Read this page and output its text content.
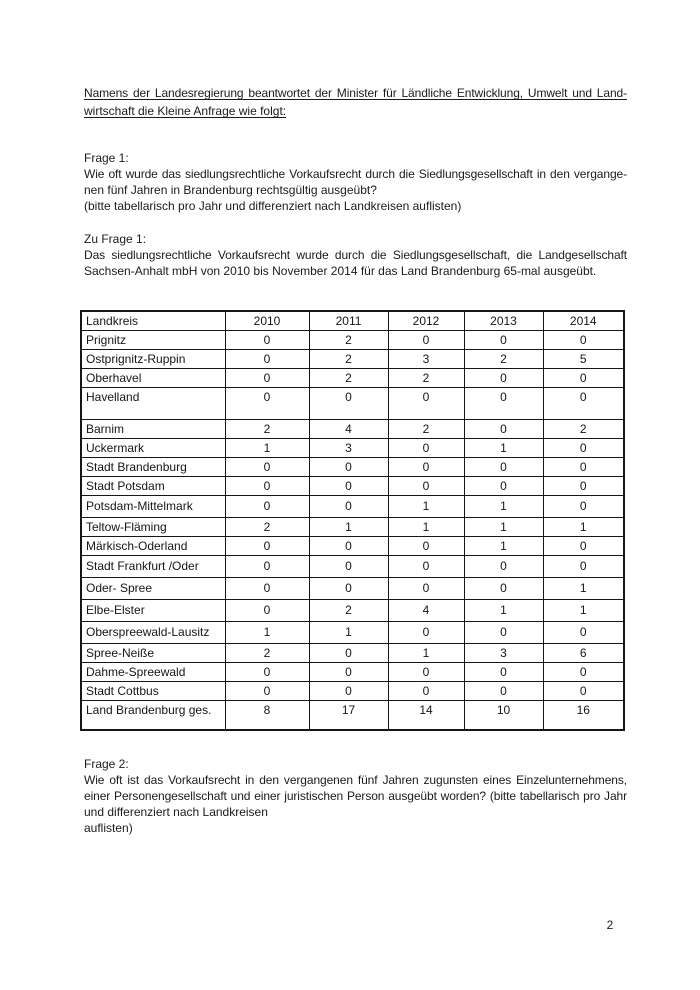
Namens der Landesregierung beantwortet der Minister für Ländliche Entwicklung, Umwelt und Land-
wirtschaft die Kleine Anfrage wie folgt:
Frage 1:
Wie oft wurde das siedlungsrechtliche Vorkaufsrecht durch die Siedlungsgesellschaft in den vergange-
nen fünf Jahren in Brandenburg rechtsgültig ausgeübt?
(bitte tabellarisch pro Jahr und differenziert nach Landkreisen auflisten)
Zu Frage 1:
Das siedlungsrechtliche Vorkaufsrecht wurde durch die Siedlungsgesellschaft, die Landgesellschaft
Sachsen-Anhalt mbH von 2010 bis November 2014 für das Land Brandenburg 65-mal ausgeübt.
Landkreis	2010	2011	2012	2013	2014
Prignitz	0	2	0	0	0
Ostprignitz-Ruppin	0	2	3	2	5
Oberhavel	0	2	2	0	0
Havelland	0	0	0	0	0
Barnim	2	4	2	0	2
Uckermark	1	3	0	1	0
Stadt Brandenburg	0	0	0	0	0
Stadt Potsdam	0	0	0	0	0
Potsdam-Mittelmark	0	0	1	1	0
Teltow-Fläming	2	1	1	1	1
Märkisch-Oderland	0	0	0	1	0
Stadt Frankfurt /Oder	0	0	0	0	0
Oder- Spree	0	0	0	0	1
Elbe-Elster	0	2	4	1	1
Oberspreewald-Lausitz	1	1	0	0	0
Spree-Neiße	2	0	1	3	6
Dahme-Spreewald	0	0	0	0	0
Stadt Cottbus	0	0	0	0	0
Land Brandenburg ges.	8	17	14	10	16
Frage 2:
Wie oft ist das Vorkaufsrecht in den vergangenen fünf Jahren zugunsten eines Einzelunternehmens,
einer Personengesellschaft und einer juristischen Person ausgeübt worden? (bitte tabellarisch pro Jahr
und differenziert nach Landkreisen
auflisten)
2
